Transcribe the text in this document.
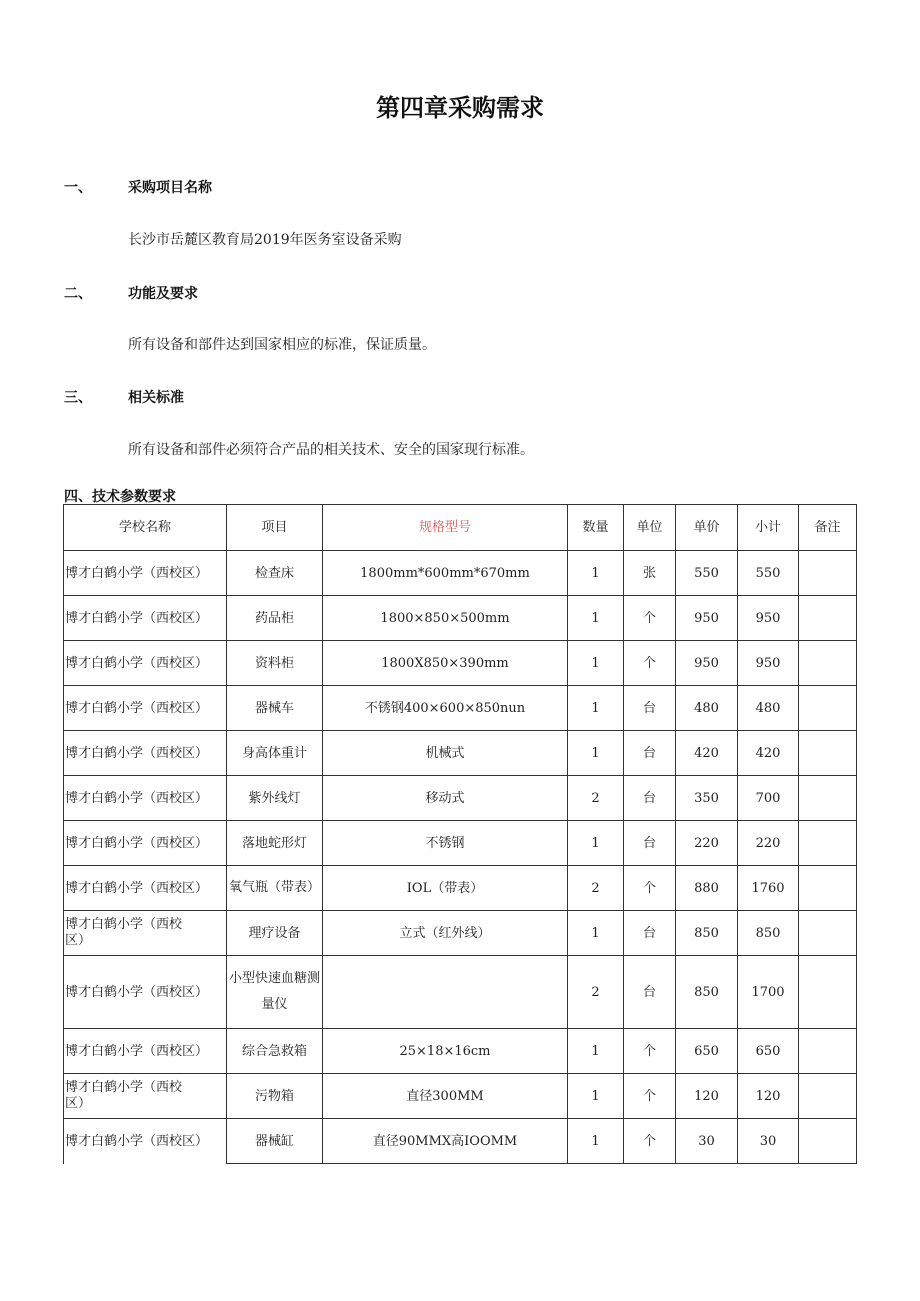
第四章采购需求
一、	采购项目名称
长沙市岳麓区教育局2019年医务室设备采购
二、	功能及要求
所有设备和部件达到国家相应的标准，保证质量。
三、	相关标准
所有设备和部件必须符合产品的相关技术、安全的国家现行标准。
四、技术参数要求
学校名称	项目	规格型号	数量	单位	单价	小计	备注
博才白鹤小学（西校区）	检查床	1800mm*600mm*670mm	1	张	550	550	
博才白鹤小学（西校区）	药品柜	1800×850×500mm	1	个	950	950	
博才白鹤小学（西校区）	资料柜	1800X850×390mm	1	个	950	950	
博才白鹤小学（西校区）	器械车	不锈钢400×600×850nun	1	台	480	480	
博才白鹤小学（西校区）	身高体重计	机械式	1	台	420	420	
博才白鹤小学（西校区）	紫外线灯	移动式	2	台	350	700	
博才白鹤小学（西校区）	落地蛇形灯	不锈钢	1	台	220	220	
博才白鹤小学（西校区）	氧气瓶（带表）	IOL（带表）	2	个	880	1760	
博才白鹤小学（西校区）	理疗设备	立式（红外线）	1	台	850	850	
博才白鹤小学（西校区）	小型快速血糖测量仪		2	台	850	1700	
博才白鹤小学（西校区）	综合急救箱	25×18×16cm	1	个	650	650	
博才白鹤小学（西校区）	污物箱	直径300MM	1	个	120	120	
博才白鹤小学（西校区）	器械缸	直径90MMX高IOOMM	1	个	30	30	
